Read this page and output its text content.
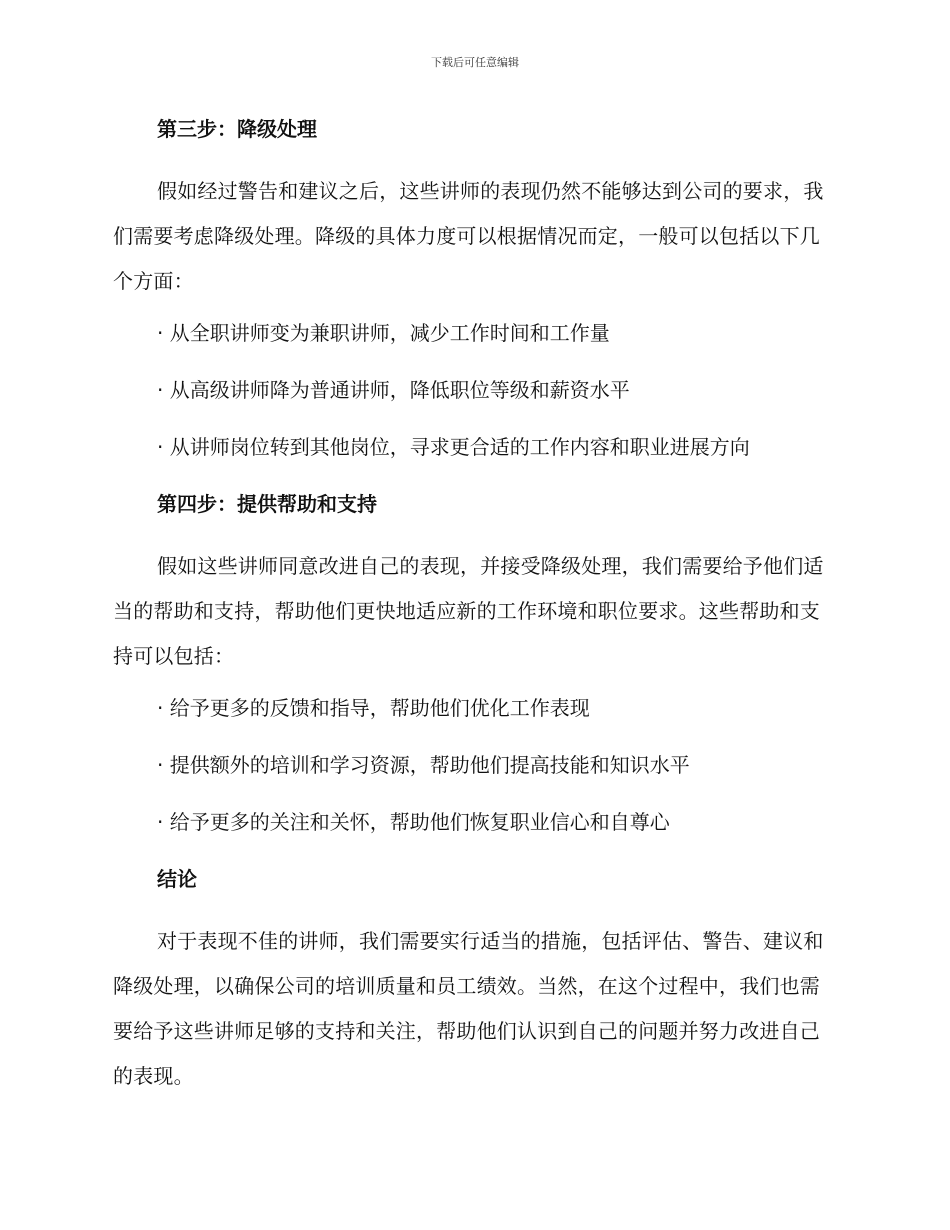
下载后可任意编辑
第三步：降级处理
假如经过警告和建议之后，这些讲师的表现仍然不能够达到公司的要求，我们需要考虑降级处理。降级的具体力度可以根据情况而定，一般可以包括以下几个方面：
· 从全职讲师变为兼职讲师，减少工作时间和工作量
· 从高级讲师降为普通讲师，降低职位等级和薪资水平
· 从讲师岗位转到其他岗位，寻求更合适的工作内容和职业进展方向
第四步：提供帮助和支持
假如这些讲师同意改进自己的表现，并接受降级处理，我们需要给予他们适当的帮助和支持，帮助他们更快地适应新的工作环境和职位要求。这些帮助和支持可以包括：
· 给予更多的反馈和指导，帮助他们优化工作表现
· 提供额外的培训和学习资源，帮助他们提高技能和知识水平
· 给予更多的关注和关怀，帮助他们恢复职业信心和自尊心
结论
对于表现不佳的讲师，我们需要实行适当的措施，包括评估、警告、建议和降级处理，以确保公司的培训质量和员工绩效。当然，在这个过程中，我们也需要给予这些讲师足够的支持和关注，帮助他们认识到自己的问题并努力改进自己的表现。
